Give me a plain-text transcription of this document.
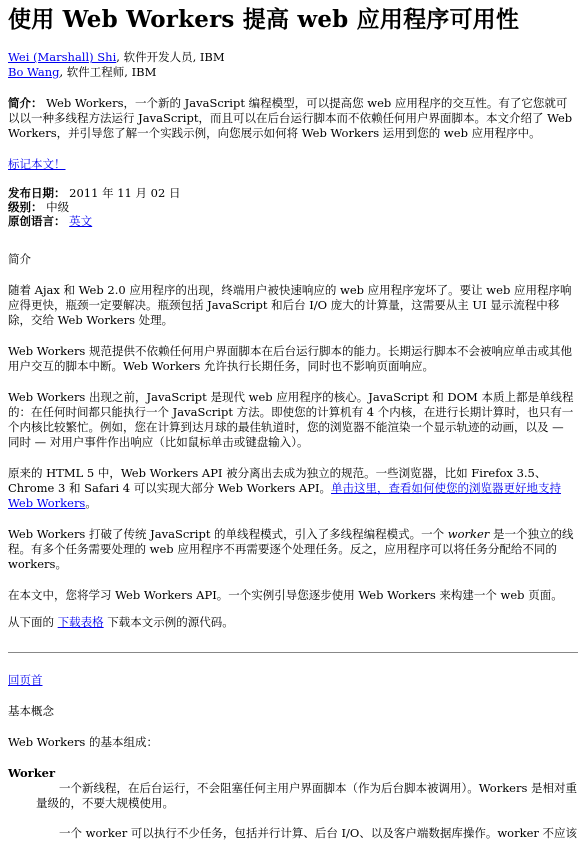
使用 Web Workers 提高 web 应用程序可用性
Wei (Marshall) Shi, 软件开发人员, IBM
Bo Wang, 软件工程师, IBM

简介： Web Workers，一个新的 JavaScript 编程模型，可以提高您 web 应用程序的交互性。有了它您就可以以一种多线程方法运行 JavaScript，而且可以在后台运行脚本而不依赖任何用户界面脚本。本文介绍了 Web Workers，并引导您了解一个实践示例，向您展示如何将 Web Workers 运用到您的 web 应用程序中。

标记本文！

发布日期： 2011 年 11 月 02 日
级别： 中级
原创语言： 英文

简介

随着 Ajax 和 Web 2.0 应用程序的出现，终端用户被快速响应的 web 应用程序宠坏了。要让 web 应用程序响应得更快，瓶颈一定要解决。瓶颈包括 JavaScript 和后台 I/O 庞大的计算量，这需要从主 UI 显示流程中移除，交给 Web Workers 处理。

Web Workers 规范提供不依赖任何用户界面脚本在后台运行脚本的能力。长期运行脚本不会被响应单击或其他用户交互的脚本中断。Web Workers 允许执行长期任务，同时也不影响页面响应。

Web Workers 出现之前，JavaScript 是现代 web 应用程序的核心。JavaScript 和 DOM 本质上都是单线程的：在任何时间都只能执行一个 JavaScript 方法。即使您的计算机有 4 个内核，在进行长期计算时，也只有一个内核比较繁忙。例如，您在计算到达月球的最佳轨道时，您的浏览器不能渲染一个显示轨迹的动画，以及 — 同时 — 对用户事件作出响应（比如鼠标单击或键盘输入）。

原来的 HTML 5 中，Web Workers API 被分离出去成为独立的规范。一些浏览器，比如 Firefox 3.5、Chrome 3 和 Safari 4 可以实现大部分 Web Workers API。单击这里，查看如何使您的浏览器更好地支持 Web Workers。

Web Workers 打破了传统 JavaScript 的单线程模式，引入了多线程编程模式。一个 worker 是一个独立的线程。有多个任务需要处理的 web 应用程序不再需要逐个处理任务。反之，应用程序可以将任务分配给不同的 workers。

在本文中，您将学习 Web Workers API。一个实例引导您逐步使用 Web Workers 来构建一个 web 页面。

从下面的 下载表格 下载本文示例的源代码。

回页首

基本概念

Web Workers 的基本组成：

Worker

一个新线程，在后台运行，不会阻塞任何主用户界面脚本（作为后台脚本被调用）。Workers 是相对重量级的，不要大规模使用。

一个 worker 可以执行不少任务，包括并行计算、后台 I/O、以及客户端数据库操作。worker 不应该
